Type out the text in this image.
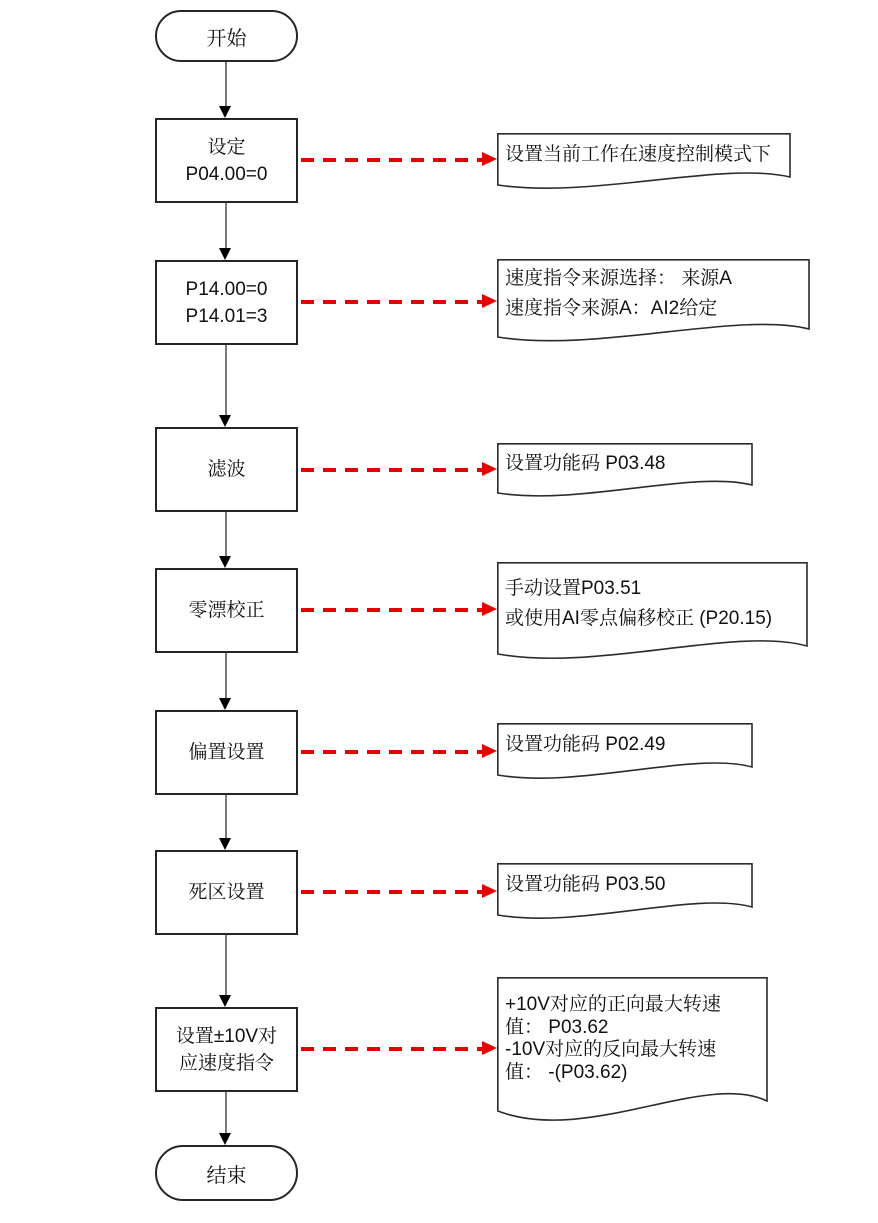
开始
设定
P04.00=0
P14.00=0
P14.01=3
滤波
零漂校正
偏置设置
死区设置
设置±10V对
应速度指令
结束
设置当前工作在速度控制模式下
速度指令来源选择： 来源A
速度指令来源A：AI2给定
设置功能码 P03.48
手动设置P03.51
或使用AI零点偏移校正 (P20.15)
设置功能码 P02.49
设置功能码 P03.50
+10V对应的正向最大转速
值： P03.62
-10V对应的反向最大转速
值： -(P03.62)
